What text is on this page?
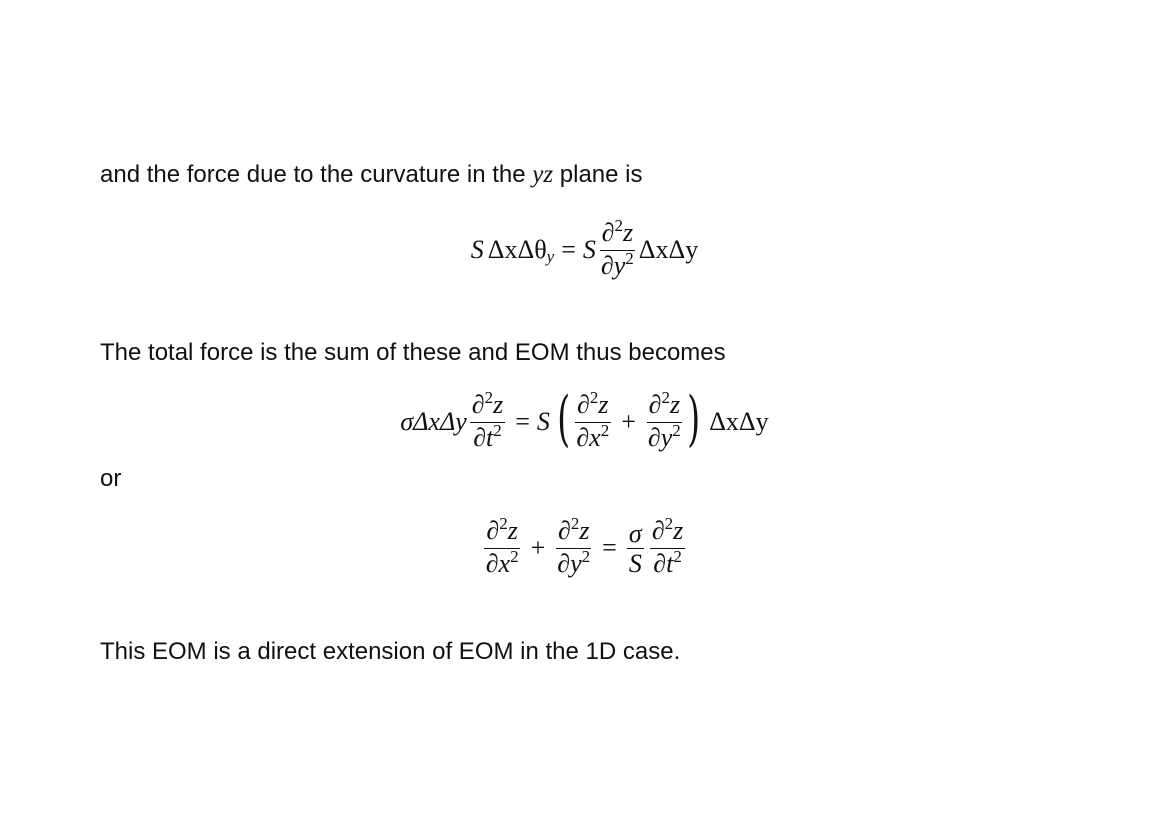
and the force due to the curvature in the yz plane is

S ΔxΔθ y = S $\frac{\partial^2z}{\partial y^2}$ ΔxΔy

The total force is the sum of these and EOM thus becomes

σΔxΔy $\frac{\partial^2z}{\partial t^2} = S$ ( $\frac{\partial^2z}{\partial x^2} + \frac{\partial^2z}{\partial y^2}$ ) ΔxΔy

or

$\frac{\partial^2z}{\partial x^2} + \frac{\partial^2z}{\partial y^2} = \frac{\sigma}{S} \frac{\partial^2z}{\partial t^2}$

This EOM is a direct extension of EOM in the 1D case.
